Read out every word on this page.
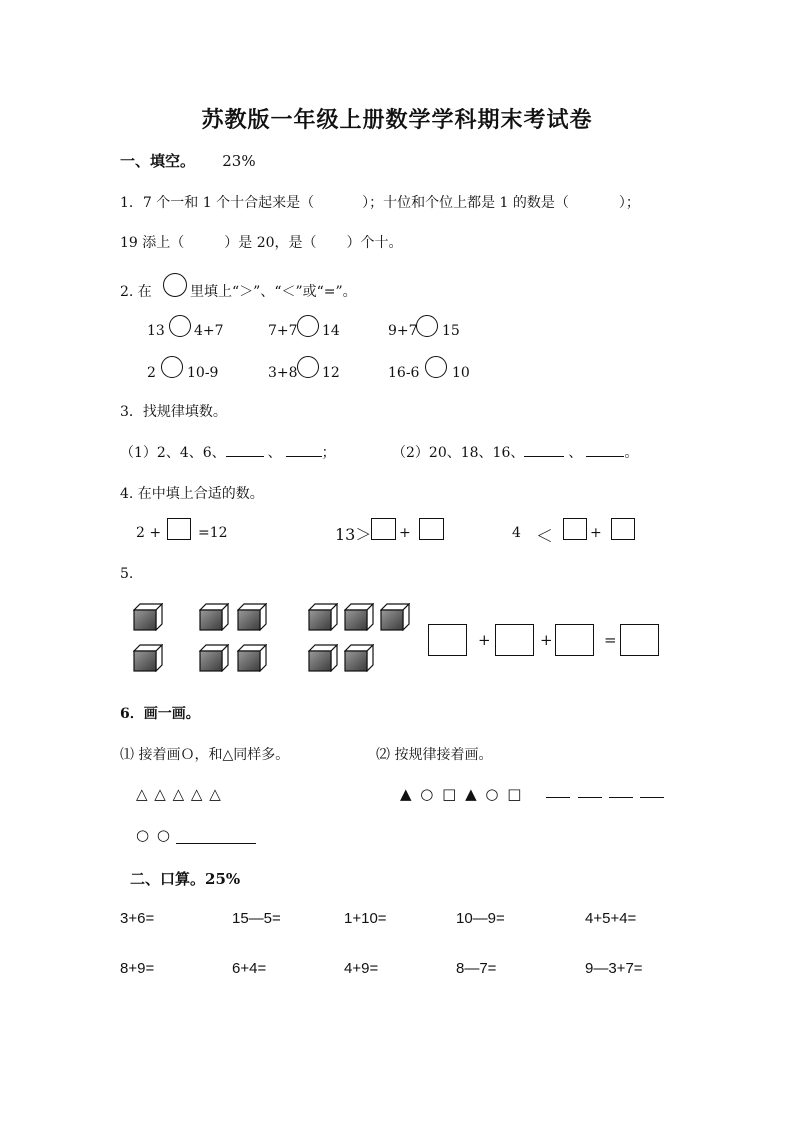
苏教版一年级上册数学学科期末考试卷
一、填空。 23%
1．7 个一和 1 个十合起来是（	）；十位和个位上都是 1 的数是（	）；
19 添上（	）是 20，是（ ）个十。
2. 在	里填上“＞”、“＜”或“=”。
13 4+7	7+7 14	9+7 15
2 10-9	3+8 12	16-6 10
3．找规律填数。
（1）2、4、6、	、	；	（2）20、18、16、	、	。
4. 在中填上合适的数。
2 +	=12	13＞ +	4 ＜	+
5.
+	+	=
6．画一画。
⑴ 接着画Ｏ，和△同样多。	⑵ 按规律接着画。
△ △ △ △ △	▲ ○ □ ▲ ○ □
○ ○
二、口算。25%
3+6=	15—5=	1+10=	10—9=	4+5+4=
8+9=	6+4=	4+9=	8—7=	9—3+7=
